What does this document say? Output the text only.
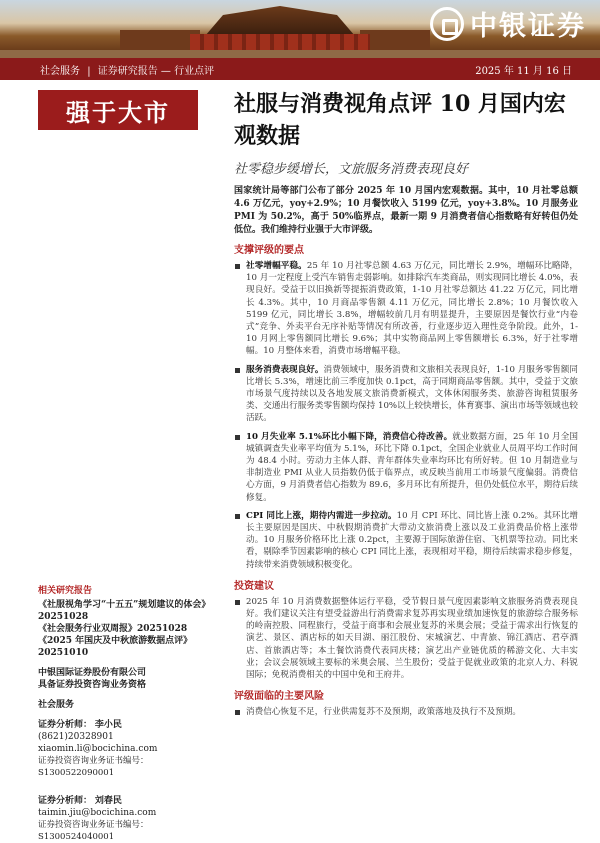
中银证券
社会服务 | 证券研究报告 — 行业点评	2025 年 11 月 16 日
强于大市
相关研究报告
《社服视角学习“十五五”规划建议的体会》20251028
《社会服务行业双周报》20251028
《2025 年国庆及中秋旅游数据点评》20251010
中银国际证券股份有限公司
具备证券投资咨询业务资格
社会服务
证券分析师： 李小民
(8621)20328901
xiaomin.li@bocichina.com
证券投资咨询业务证书编号：S1300522090001
证券分析师： 刘春民
taimin.jiu@bocichina.com
证券投资咨询业务证书编号：S1300524040001
社服与消费视角点评 10 月国内宏观数据
社零稳步缓增长，文旅服务消费表现良好

国家统计局等部门公布了部分 2025 年 10 月国内宏观数据。其中，10 月社零总额 4.6 万亿元，yoy+2.9%；10 月餐饮收入 5199 亿元，yoy+3.8%。10 月服务业 PMI 为 50.2%，高于 50%临界点，最新一期 9 月消费者信心指数略有好转但仍处低位。我们维持行业强于大市评级。

支撑评级的要点
社零增幅平稳。25 年 10 月社零总额 4.63 万亿元，同比增长 2.9%，增幅环比略降，10 月一定程度上受汽车销售走弱影响。如排除汽车类商品，则实现同比增长 4.0%，表现良好。受益于以旧换新等提振消费政策，1-10 月社零总额达 41.22 万亿元，同比增长 4.3%。其中，10 月商品零售额 4.11 万亿元，同比增长 2.8%；10 月餐饮收入 5199 亿元，同比增长 3.8%，增幅较前几月有明显提升，主要原因是餐饮行业“内卷式”竞争、外卖平台无序补贴等情况有所改善，行业逐步迈入理性竞争阶段。此外，1-10 月网上零售额同比增长 9.6%；其中实物商品网上零售额增长 6.3%，好于社零增幅。10 月整体来看，消费市场增幅平稳。
服务消费表现良好。消费领域中，服务消费和文旅相关表现良好，1-10 月服务零售额同比增长 5.3%，增速比前三季度加快 0.1pct，高于同期商品零售额。其中，受益于文旅市场景气度持续以及各地发展文旅消费新模式，文体休闲服务类、旅游咨询租赁服务类、交通出行服务类零售额均保持 10%以上较快增长，体育赛事、演出市场等领域也较活跃。
10 月失业率 5.1%环比小幅下降，消费信心待改善。就业数据方面，25 年 10 月全国城镇调查失业率平均值为 5.1%，环比下降 0.1pct，全国企业就业人员周平均工作时间为 48.4 小时。劳动力主体人群、青年群体失业率均环比有所好转。但 10 月制造业与非制造业 PMI 从业人员指数仍低于临界点，或反映当前用工市场景气度偏弱。消费信心方面，9 月消费者信心指数为 89.6，多月环比有所提升，但仍处低位水平，期待后续修复。
CPI 同比上涨，期待内需进一步拉动。10 月 CPI 环比、同比皆上涨 0.2%。其环比增长主要原因是国庆、中秋假期消费扩大带动文旅消费上涨以及工业消费品价格上涨带动。10 月服务价格环比上涨 0.2pct，主要源于国际旅游住宿、飞机票等拉动。同比来看，剔除季节因素影响的核心 CPI 同比上涨，表现相对平稳，期待后续需求稳步修复，持续带来消费领域积极变化。
投资建议
2025 年 10 月消费数据整体运行平稳，受节假日景气度因素影响文旅服务消费表现良好。我们建议关注有望受益游出行消费需求复苏再实现业绩加速恢复的旅游综合服务标的岭南控股、同程旅行，受益于商事和会展业复苏的米奥会展；受益于需求出行恢复的演艺、景区、酒店标的如天目湖、丽江股份、宋城演艺、中青旅、锦江酒店、君亭酒店、首旅酒店等；本土餐饮消费代表同庆楼；演艺出产业链优质的稀游文化、大丰实业；会议会展领域主要标的米奥会展、兰生股份；受益于促就业政策的北京人力、科锐国际；免税消费相关的中国中免和王府井。
评级面临的主要风险
消费信心恢复不足，行业供需复苏不及预期，政策落地及执行不及预期。
